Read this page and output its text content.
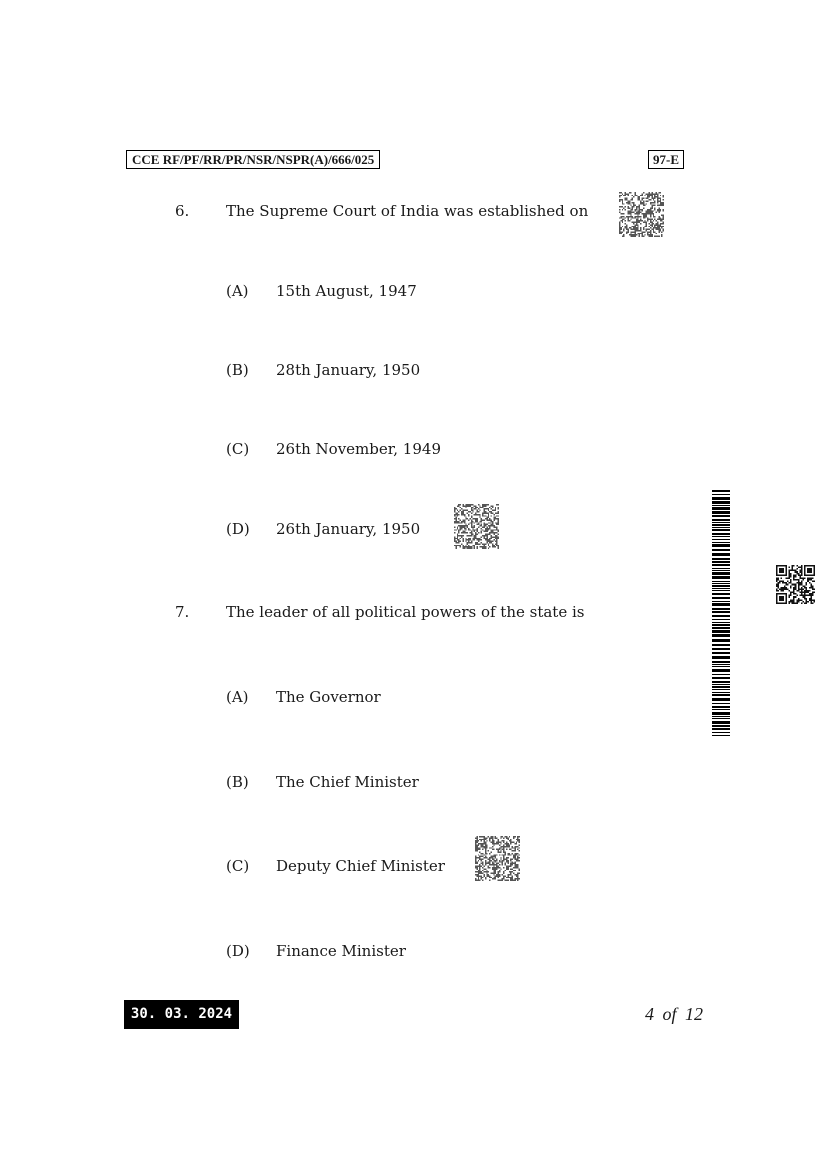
CCE RF/PF/RR/PR/NSR/NSPR(A)/666/025	97-E
6. The Supreme Court of India was established on
(A) 15th August, 1947
(B) 28th January, 1950
(C) 26th November, 1949
(D) 26th January, 1950
7. The leader of all political powers of the state is
(A) The Governor
(B) The Chief Minister
(C) Deputy Chief Minister
(D) Finance Minister
30. 03. 2024	4 of 12
